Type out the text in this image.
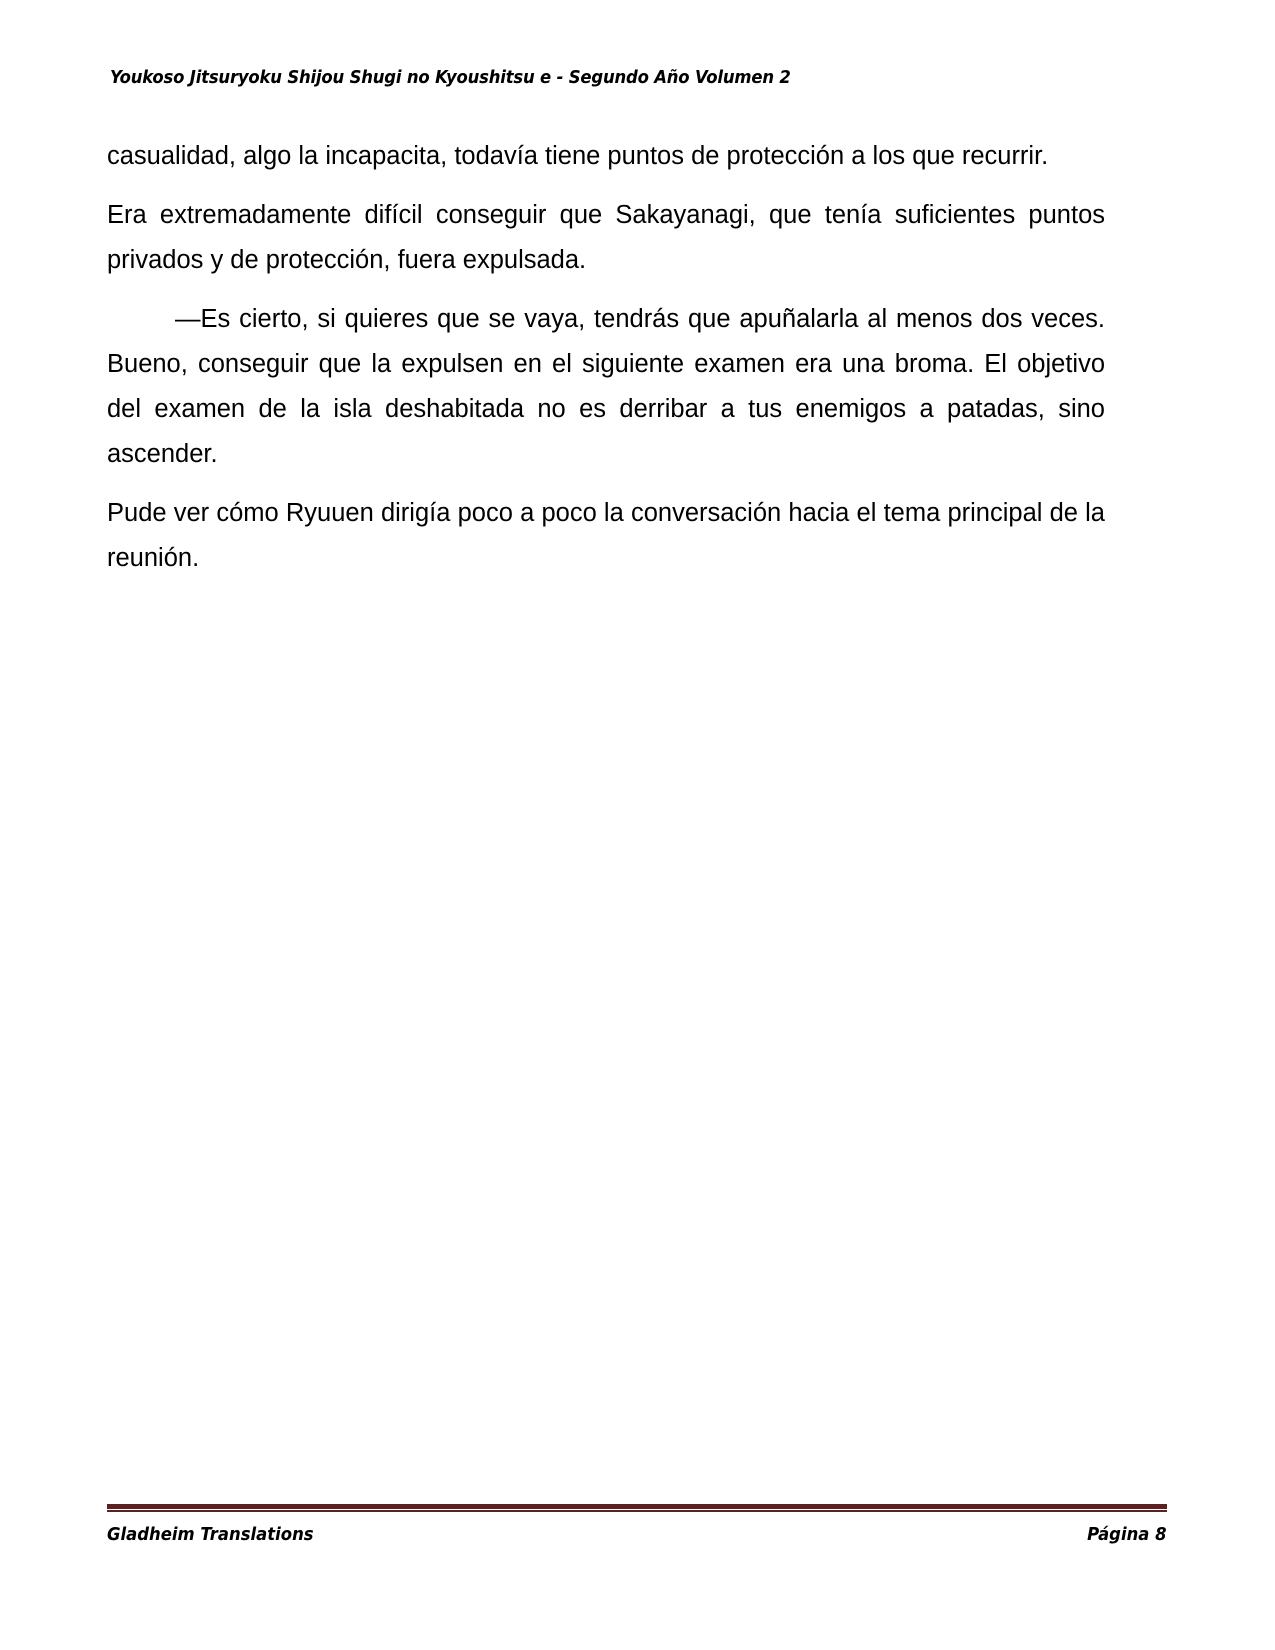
Youkoso Jitsuryoku Shijou Shugi no Kyoushitsu e - Segundo Año Volumen 2

casualidad, algo la incapacita, todavía tiene puntos de protección a los que recurrir.

Era extremadamente difícil conseguir que Sakayanagi, que tenía suficientes puntos privados y de protección, fuera expulsada.

—Es cierto, si quieres que se vaya, tendrás que apuñalarla al menos dos veces. Bueno, conseguir que la expulsen en el siguiente examen era una broma. El objetivo del examen de la isla deshabitada no es derribar a tus enemigos a patadas, sino ascender.

Pude ver cómo Ryuuen dirigía poco a poco la conversación hacia el tema principal de la reunión.

Gladheim Translations	Página 8
